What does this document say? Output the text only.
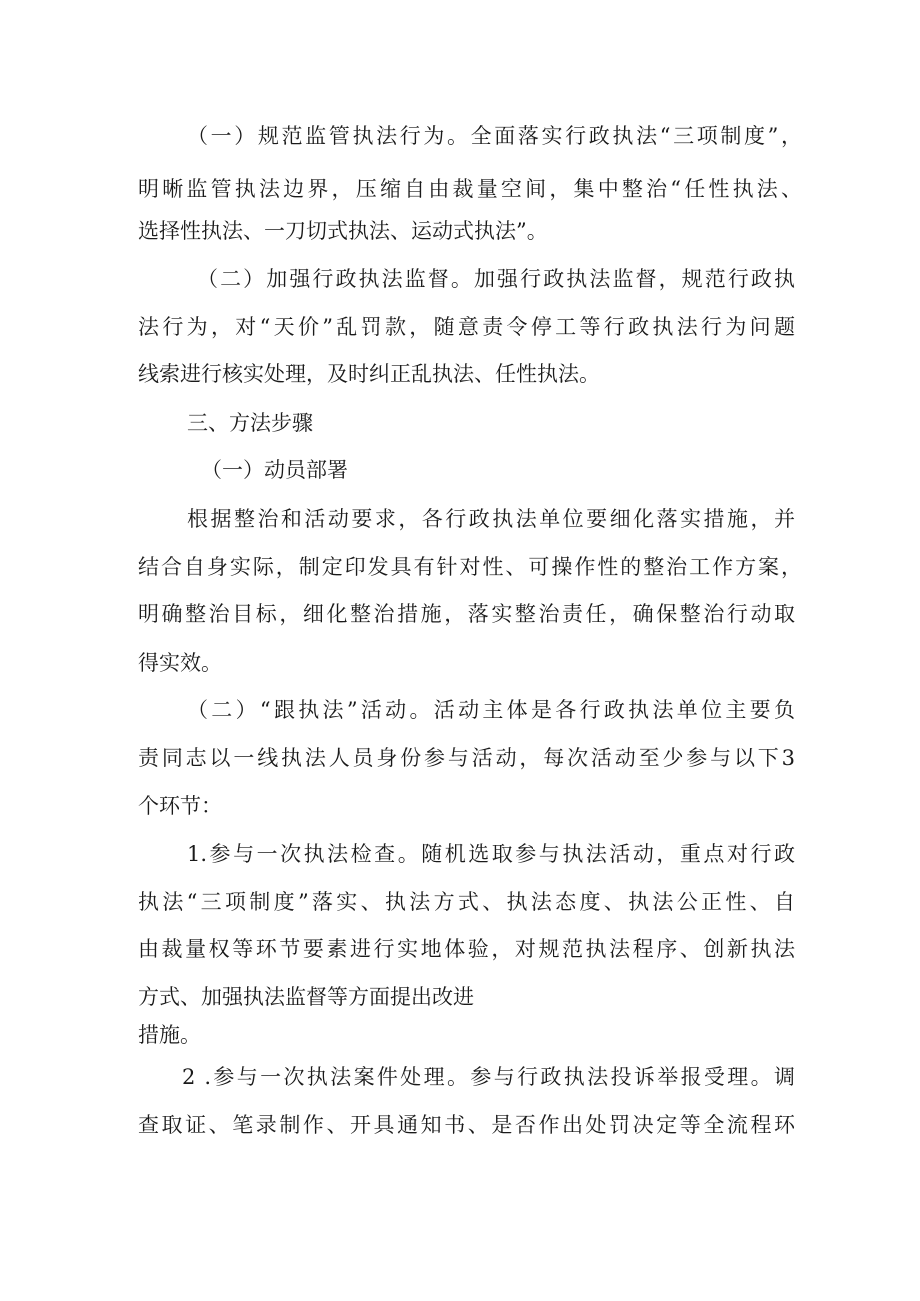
（一）规范监管执法行为。全面落实行政执法“三项制度”，
明晰监管执法边界，压缩自由裁量空间，集中整治“任性执法、
选择性执法、一刀切式执法、运动式执法”。
（二）加强行政执法监督。加强行政执法监督，规范行政执
法行为，对“天价”乱罚款，随意责令停工等行政执法行为问题
线索进行核实处理，及时纠正乱执法、任性执法。
三、方法步骤
（一）动员部署
根据整治和活动要求，各行政执法单位要细化落实措施，并
结合自身实际，制定印发具有针对性、可操作性的整治工作方案，
明确整治目标，细化整治措施，落实整治责任，确保整治行动取
得实效。
（二）“跟执法”活动。活动主体是各行政执法单位主要负
责同志以一线执法人员身份参与活动，每次活动至少参与以下3
个环节：
1.参与一次执法检查。随机选取参与执法活动，重点对行政
执法“三项制度”落实、执法方式、执法态度、执法公正性、自
由裁量权等环节要素进行实地体验，对规范执法程序、创新执法
方式、加强执法监督等方面提出改进
措施。
2 .参与一次执法案件处理。参与行政执法投诉举报受理。调
查取证、笔录制作、开具通知书、是否作出处罚决定等全流程环
